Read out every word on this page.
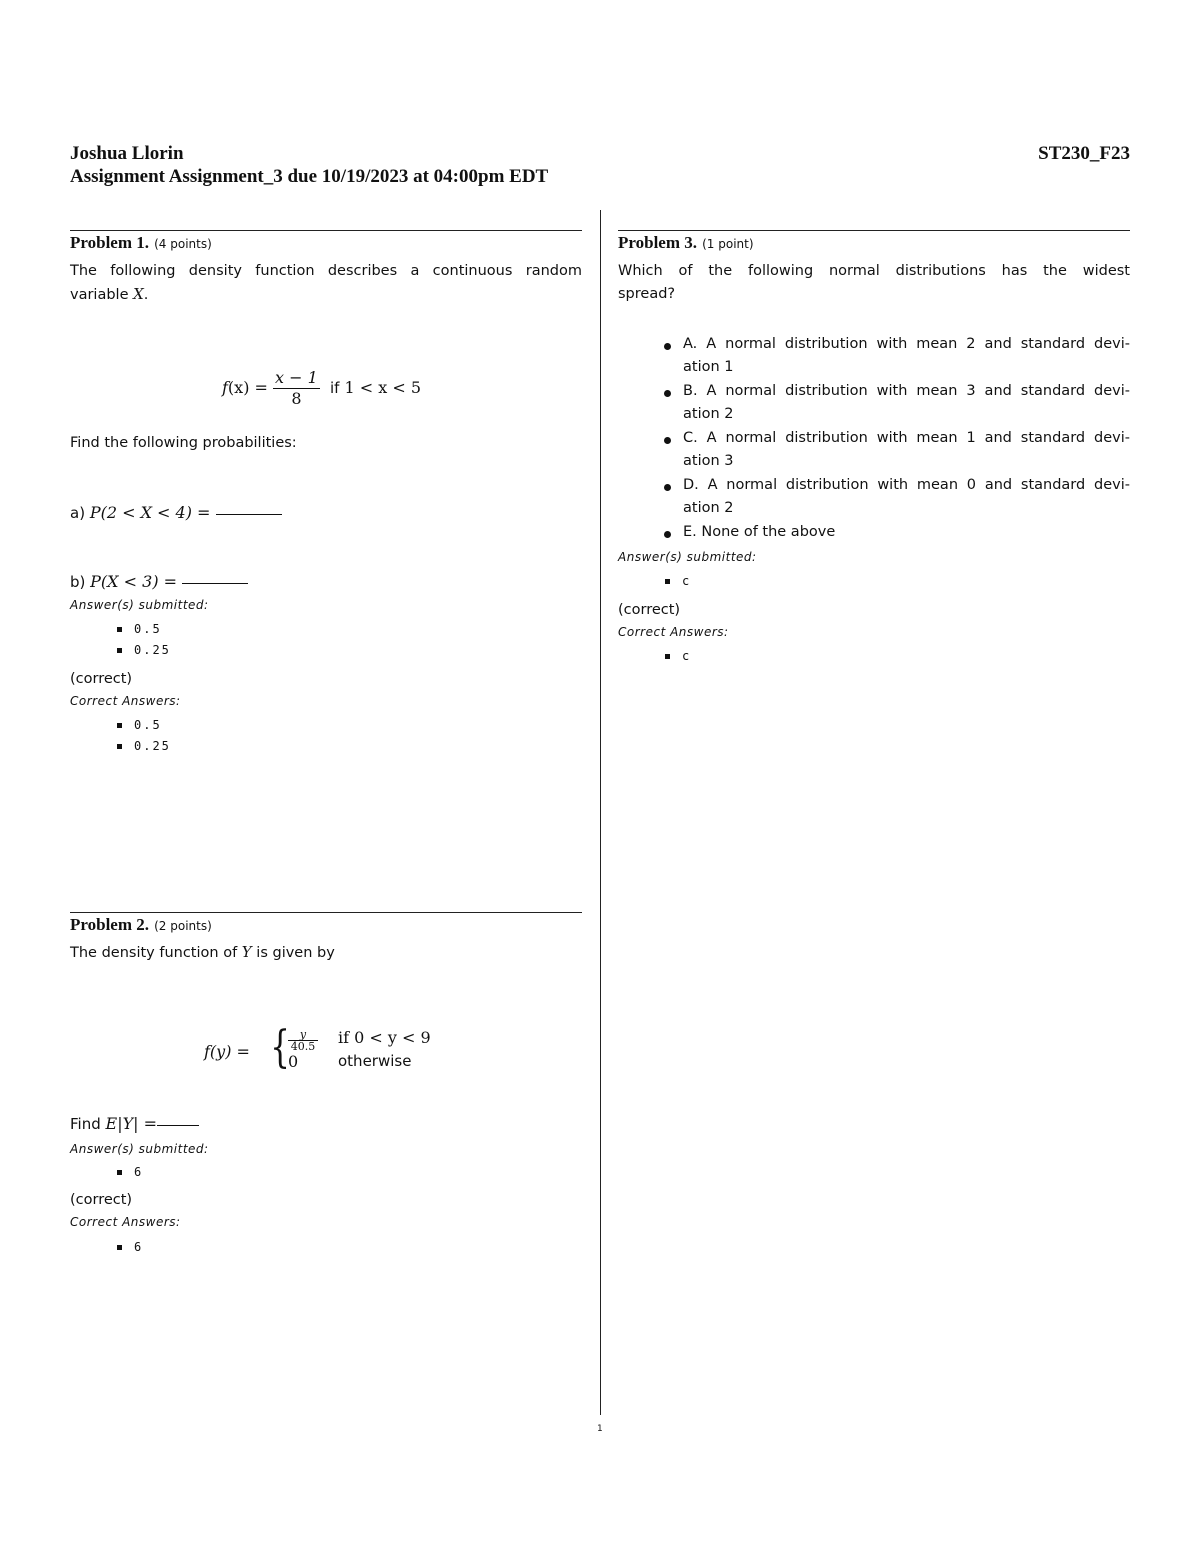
Joshua Llorin	ST230_F23
Assignment Assignment_3 due 10/19/2023 at 04:00pm EDT
Problem 1. (4 points)
The following density function describes a continuous random
variable X.
$f(x) = \frac{x - 1}{8}$ if 1 < x < 5
Find the following probabilities:
a) P(2 < X < 4) =
b) P(X < 3) =
Answer(s) submitted:
0.5
0.25
(correct)
Correct Answers:
0.5
0.25
Problem 2. (2 points)
The density function of Y is given by
f(y) = {
$\frac{y}{40.5}$ if 0 < y < 9
0	otherwise
Find E|Y| =
Answer(s) submitted:
6
(correct)
Correct Answers:
6
Problem 3. (1 point)
Which of the following normal distributions has the widest
spread?
A. A normal distribution with mean 2 and standard devi-
ation 1
B. A normal distribution with mean 3 and standard devi-
ation 2
C. A normal distribution with mean 1 and standard devi-
ation 3
D. A normal distribution with mean 0 and standard devi-
ation 2
E. None of the above
Answer(s) submitted:
c
(correct)
Correct Answers:
c
1
